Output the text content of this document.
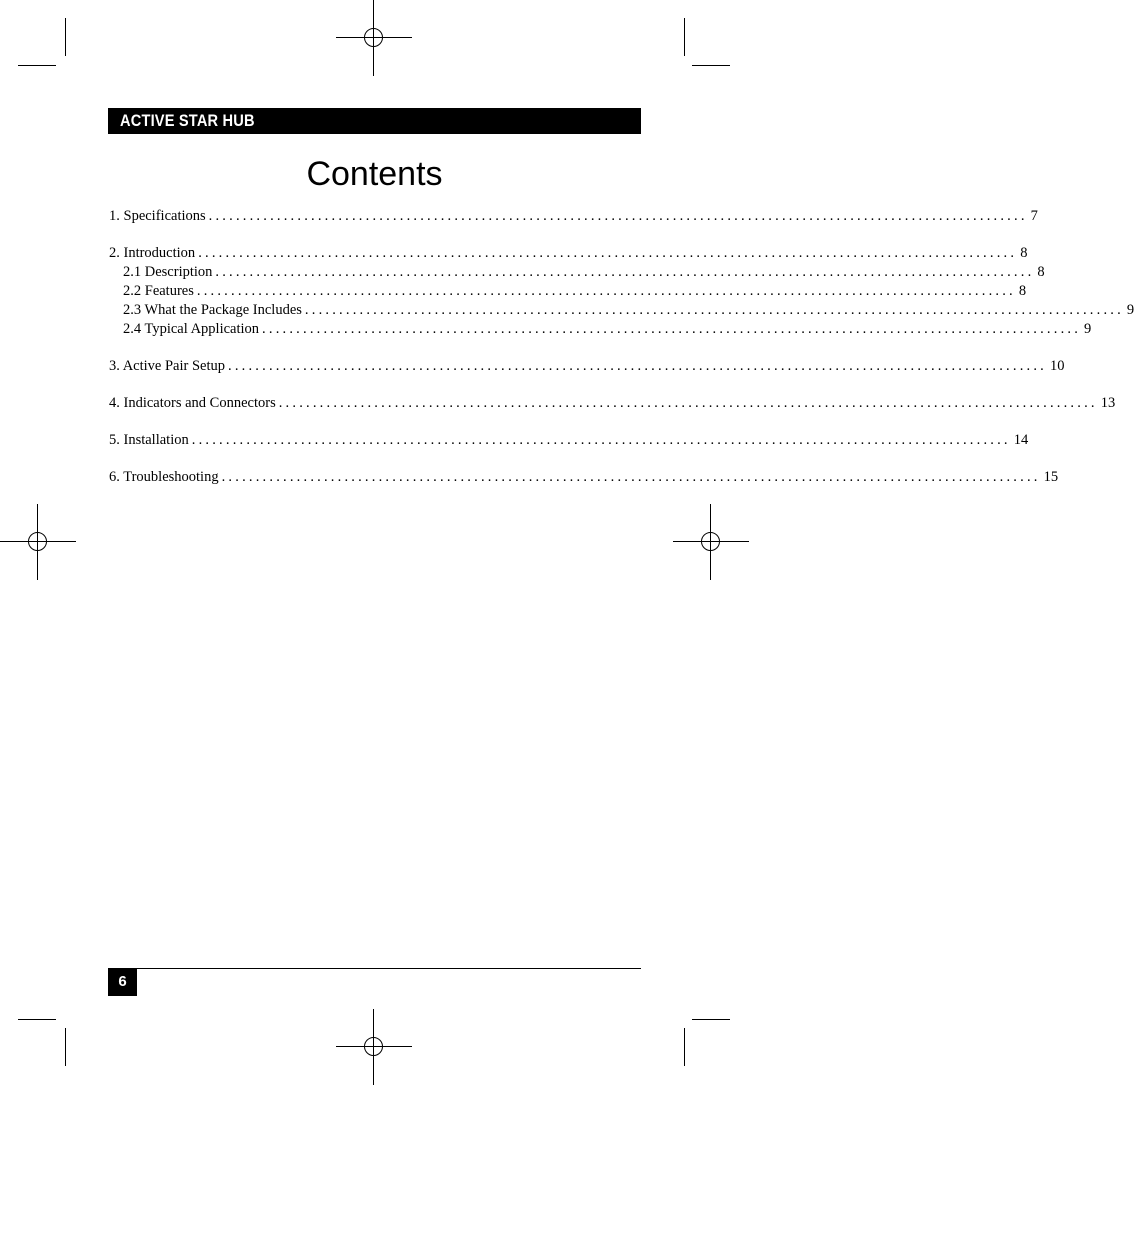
ACTIVE STAR HUB
Contents
1. Specifications ........................................................................................................................ 7
2. Introduction ........................................................................................................................ 8
2.1 Description ........................................................................................................................ 8
2.2 Features ........................................................................................................................ 8
2.3 What the Package Includes ........................................................................................................................ 9
2.4 Typical Application ........................................................................................................................ 9
3. Active Pair Setup ........................................................................................................................ 10
4. Indicators and Connectors ........................................................................................................................ 13
5. Installation ........................................................................................................................ 14
6. Troubleshooting ........................................................................................................................ 15
6
